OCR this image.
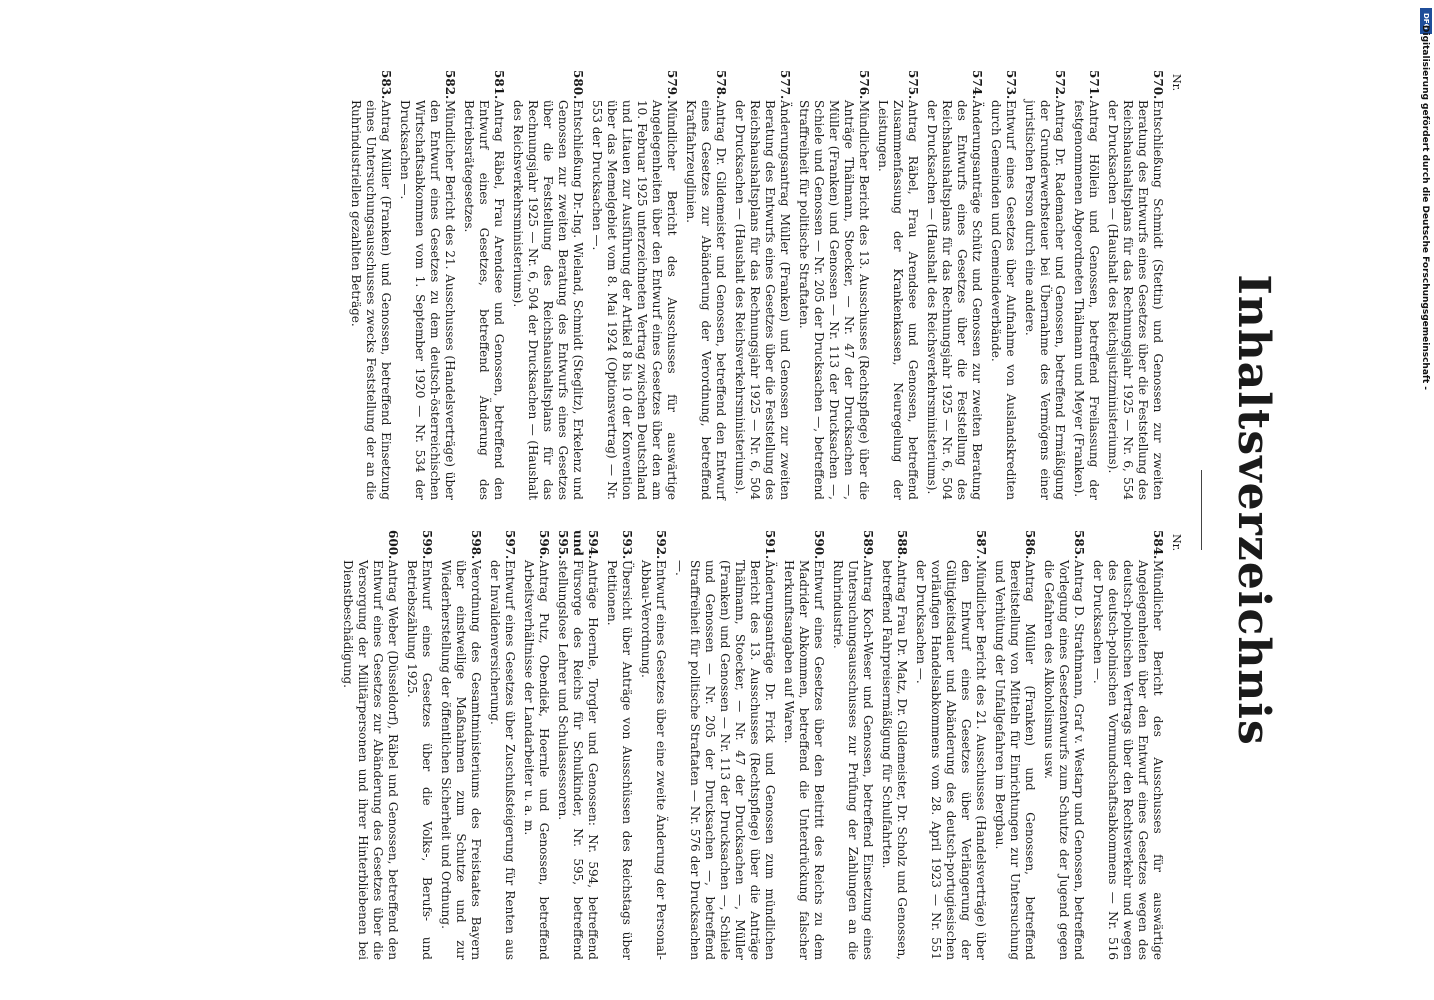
DFG
Digitalisierung gefördert durch die Deutsche Forschungsgemeinschaft -
Inhaltsverzeichnis
Nr.
570.
Entschließung Schmidt (Stettin) und Genossen zur zweiten Beratung des Entwurfs eines Gesetzes über die Feststellung des Reichshaushaltsplans für das Rechnungsjahr 1925 — Nr. 6, 554 der Drucksachen — (Haushalt des Reichsjustizministeriums).
571.
Antrag Höllein und Genossen, betreffend Freilassung der festgenommenen Abgeordneten Thälmann und Meyer (Franken).
572.
Antrag Dr. Rademacher und Genossen, betreffend Ermäßigung der Grunderwerbsteuer bei Übernahme des Vermögens einer juristischen Person durch eine andere.
573.
Entwurf eines Gesetzes über Aufnahme von Auslandskrediten durch Gemeinden und Gemeindeverbände.
574.
Änderungsanträge Schütz und Genossen zur zweiten Beratung des Entwurfs eines Gesetzes über die Feststellung des Reichshaushaltsplans für das Rechnungsjahr 1925 — Nr. 6, 504 der Drucksachen — (Haushalt des Reichsverkehrsministeriums).
575.
Antrag Räbel, Frau Arendsee und Genossen, betreffend Zusammenfassung der Krankenkassen, Neuregelung der Leistungen.
576.
Mündlicher Bericht des 13. Ausschusses (Rechtspflege) über die Anträge Thälmann, Stoecker, — Nr. 47 der Drucksachen —, Müller (Franken) und Genossen — Nr. 113 der Drucksachen —, Schiele und Genossen — Nr. 205 der Drucksachen —, betreffend Straffreiheit für politische Straftaten.
577.
Änderungsantrag Müller (Franken) und Genossen zur zweiten Beratung des Entwurfs eines Gesetzes über die Feststellung des Reichshaushaltsplans für das Rechnungsjahr 1925 — Nr. 6, 504 der Drucksachen — (Haushalt des Reichsverkehrsministeriums).
578.
Antrag Dr. Gildemeister und Genossen, betreffend den Entwurf eines Gesetzes zur Abänderung der Verordnung, betreffend Kraftfahrzeuglinien.
579.
Mündlicher Bericht des Ausschusses für auswärtige Angelegenheiten über den Entwurf eines Gesetzes über den am 10. Februar 1925 unterzeichneten Vertrag zwischen Deutschland und Litauen zur Ausführung der Artikel 8 bis 10 der Konvention über das Memelgebiet vom 8. Mai 1924 (Optionsvertrag) — Nr. 553 der Drucksachen —.
580.
Entschließung Dr.-Ing. Wieland, Schmidt (Steglitz), Erkelenz und Genossen zur zweiten Beratung des Entwurfs eines Gesetzes über die Feststellung des Reichshaushaltsplans für das Rechnungsjahr 1925 — Nr. 6, 504 der Drucksachen — (Haushalt des Reichsverkehrsministeriums).
581.
Antrag Räbel, Frau Arendsee und Genossen, betreffend den Entwurf eines Gesetzes, betreffend Änderung des Betriebsrätegesetzes.
582.
Mündlicher Bericht des 21. Ausschusses (Handelsverträge) über den Entwurf eines Gesetzes zu dem deutsch-österreichischen Wirtschaftsabkommen vom 1. September 1920 — Nr. 534 der Drucksachen —.
583.
Antrag Müller (Franken) und Genossen, betreffend Einsetzung eines Untersuchungsausschusses zwecks Feststellung der an die Ruhrindustriellen gezahlten Beträge.
Nr.
584.
Mündlicher Bericht des Ausschusses für auswärtige Angelegenheiten über den Entwurf eines Gesetzes wegen des deutsch-polnischen Vertrags über den Rechtsverkehr und wegen des deutsch-polnischen Vormundschaftsabkommens — Nr. 516 der Drucksachen —.
585.
Antrag D. Strathmann, Graf v. Westarp und Genossen, betreffend Vorlegung eines Gesetzentwurfs zum Schutze der Jugend gegen die Gefahren des Alkoholismus usw.
586.
Antrag Müller (Franken) und Genossen, betreffend Bereitstellung von Mitteln für Einrichtungen zur Untersuchung und Verhütung der Unfallgefahren im Bergbau.
587.
Mündlicher Bericht des 21. Ausschusses (Handelsverträge) über den Entwurf eines Gesetzes über Verlängerung der Gültigkeitsdauer und Abänderung des deutsch-portugiesischen vorläufigen Handelsabkommens vom 28. April 1923 — Nr. 551 der Drucksachen —.
588.
Antrag Frau Dr. Matz, Dr. Gildemeister, Dr. Scholz und Genossen, betreffend Fahrpreisermäßigung für Schulfahrten.
589.
Antrag Koch-Weser und Genossen, betreffend Einsetzung eines Untersuchungsausschusses zur Prüfung der Zahlungen an die Ruhrindustrie.
590.
Entwurf eines Gesetzes über den Beitritt des Reichs zu dem Madrider Abkommen, betreffend die Unterdrückung falscher Herkunftsangaben auf Waren.
591.
Änderungsanträge Dr. Frick und Genossen zum mündlichen Bericht des 13. Ausschusses (Rechtspflege) über die Anträge Thälmann, Stoecker, — Nr. 47 der Drucksachen —, Müller (Franken) und Genossen — Nr. 113 der Drucksachen —, Schiele und Genossen — Nr. 205 der Drucksachen —, betreffend Straffreiheit für politische Straftaten — Nr. 576 der Drucksachen —.
592.
Entwurf eines Gesetzes über eine zweite Änderung der Personal-Abbau-Verordnung.
593.
Übersicht über Anträge von Ausschüssen des Reichstags über Petitionen.
594. und 595.
Anträge Hoernle, Torgler und Genossen: Nr. 594, betreffend Fürsorge des Reichs für Schulkinder, Nr. 595, betreffend stellungslose Lehrer und Schulassessoren.
596.
Antrag Putz, Obendiek, Hoernle und Genossen, betreffend Arbeitsverhältnisse der Landarbeiter u. a. m.
597.
Entwurf eines Gesetzes über Zuschußsteigerung für Renten aus der Invalidenversicherung.
598.
Verordnung des Gesamtministeriums des Freistaates Bayern über einstweilige Maßnahmen zum Schutze und zur Wiederherstellung der öffentlichen Sicherheit und Ordnung.
599.
Entwurf eines Gesetzes über die Volks-, Berufs- und Betriebszählung 1925.
600.
Antrag Weber (Düsseldorf), Räbel und Genossen, betreffend den Entwurf eines Gesetzes zur Abänderung des Gesetzes über die Versorgung der Militärpersonen und ihrer Hinterbliebenen bei Dienstbeschädigung.
